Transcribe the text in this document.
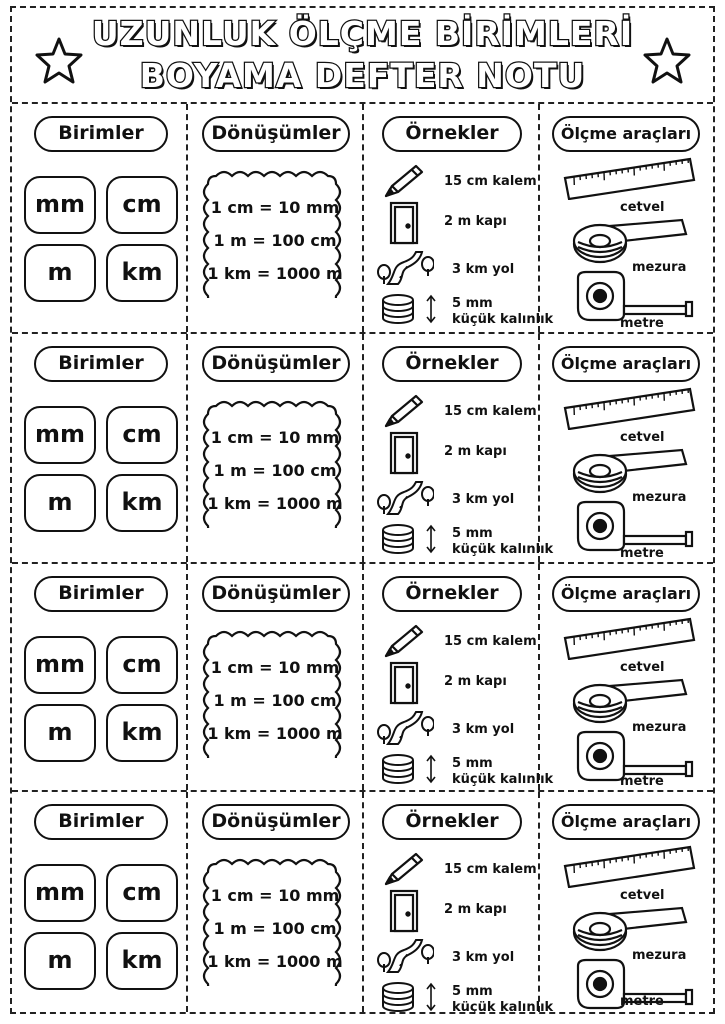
UZUNLUK ÖLÇME BİRİMLERİ
BOYAMA DEFTER NOTU
Birimler
mm	cm
m	km
Dönüşümler
1 cm = 10 mm
1 m = 100 cm
1 km = 1000 m
Örnekler
15 cm kalem
2 m kapı
3 km yol
5 mm
küçük kalınlık
Ölçme araçları
cetvel
mezura
metre
Birimler
mm	cm
m	km
Dönüşümler
1 cm = 10 mm
1 m = 100 cm
1 km = 1000 m
Örnekler
15 cm kalem
2 m kapı
3 km yol
5 mm
küçük kalınlık
Ölçme araçları
cetvel
mezura
metre
Birimler
mm	cm
m	km
Dönüşümler
1 cm = 10 mm
1 m = 100 cm
1 km = 1000 m
Örnekler
15 cm kalem
2 m kapı
3 km yol
5 mm
küçük kalınlık
Ölçme araçları
cetvel
mezura
metre
Birimler
mm	cm
m	km
Dönüşümler
1 cm = 10 mm
1 m = 100 cm
1 km = 1000 m
Örnekler
15 cm kalem
2 m kapı
3 km yol
5 mm
küçük kalınlık
Ölçme araçları
cetvel
mezura
metre
